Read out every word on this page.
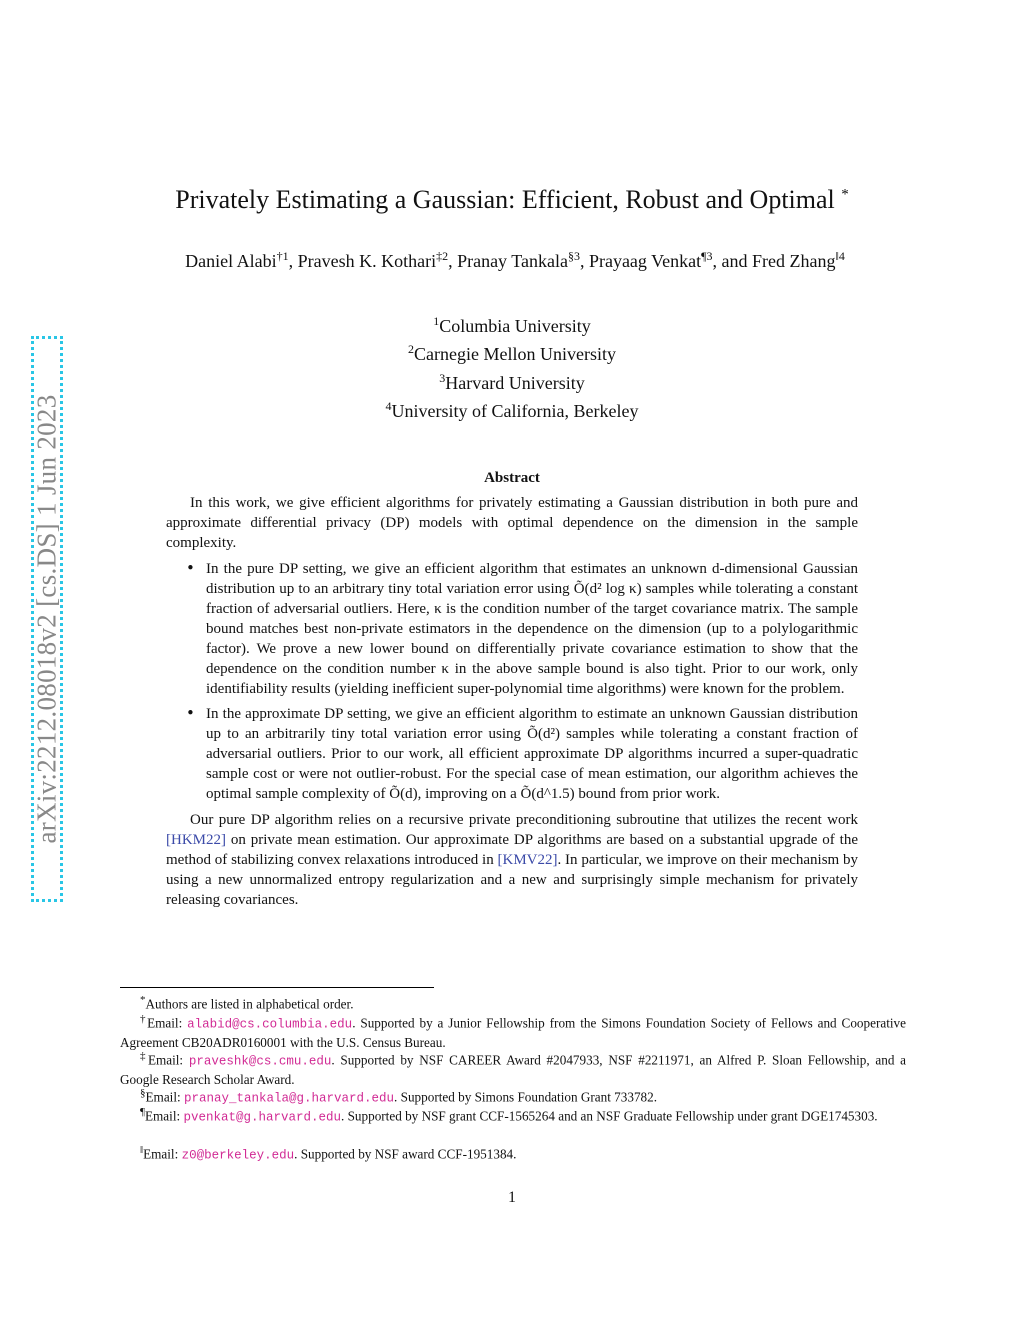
arXiv:2212.08018v2 [cs.DS] 1 Jun 2023
Privately Estimating a Gaussian: Efficient, Robust and Optimal *
Daniel Alabi$^{\dagger 1}$, Pravesh K. Kothari$^{\ddagger 2}$, Pranay Tankala$^{\S 3}$, Prayaag Venkat$^{\P 3}$, and Fred Zhang$^{‖4}$
$^1$Columbia University
$^2$Carnegie Mellon University
$^3$Harvard University
$^4$University of California, Berkeley
Abstract

In this work, we give efficient algorithms for privately estimating a Gaussian distribution in both pure and approximate differential privacy (DP) models with optimal dependence on the dimension in the sample complexity.

• In the pure DP setting, we give an efficient algorithm that estimates an unknown d-dimensional Gaussian distribution up to an arbitrary tiny total variation error using Õ(d² log κ) samples while tolerating a constant fraction of adversarial outliers. Here, κ is the condition number of the target covariance matrix. The sample bound matches best non-private estimators in the dependence on the dimension (up to a polylogarithmic factor). We prove a new lower bound on differentially private covariance estimation to show that the dependence on the condition number κ in the above sample bound is also tight. Prior to our work, only identifiability results (yielding inefficient super-polynomial time algorithms) were known for the problem.

• In the approximate DP setting, we give an efficient algorithm to estimate an unknown Gaussian distribution up to an arbitrarily tiny total variation error using Õ(d²) samples while tolerating a constant fraction of adversarial outliers. Prior to our work, all efficient approximate DP algorithms incurred a super-quadratic sample cost or were not outlier-robust. For the special case of mean estimation, our algorithm achieves the optimal sample complexity of Õ(d), improving on a Õ(d^1.5) bound from prior work.

Our pure DP algorithm relies on a recursive private preconditioning subroutine that utilizes the recent work [HKM22] on private mean estimation. Our approximate DP algorithms are based on a substantial upgrade of the method of stabilizing convex relaxations introduced in [KMV22]. In particular, we improve on their mechanism by using a new unnormalized entropy regularization and a new and surprisingly simple mechanism for privately releasing covariances.

*Authors are listed in alphabetical order.
†Email: alabid@cs.columbia.edu. Supported by a Junior Fellowship from the Simons Foundation Society of Fellows and Cooperative Agreement CB20ADR0160001 with the U.S. Census Bureau.
‡Email: praveshk@cs.cmu.edu. Supported by NSF CAREER Award #2047933, NSF #2211971, an Alfred P. Sloan Fellowship, and a Google Research Scholar Award.
§Email: pranay_tankala@g.harvard.edu. Supported by Simons Foundation Grant 733782.
¶Email: pvenkat@g.harvard.edu. Supported by NSF grant CCF-1565264 and an NSF Graduate Fellowship under grant DGE1745303.
‖Email: z0@berkeley.edu. Supported by NSF award CCF-1951384.
1
